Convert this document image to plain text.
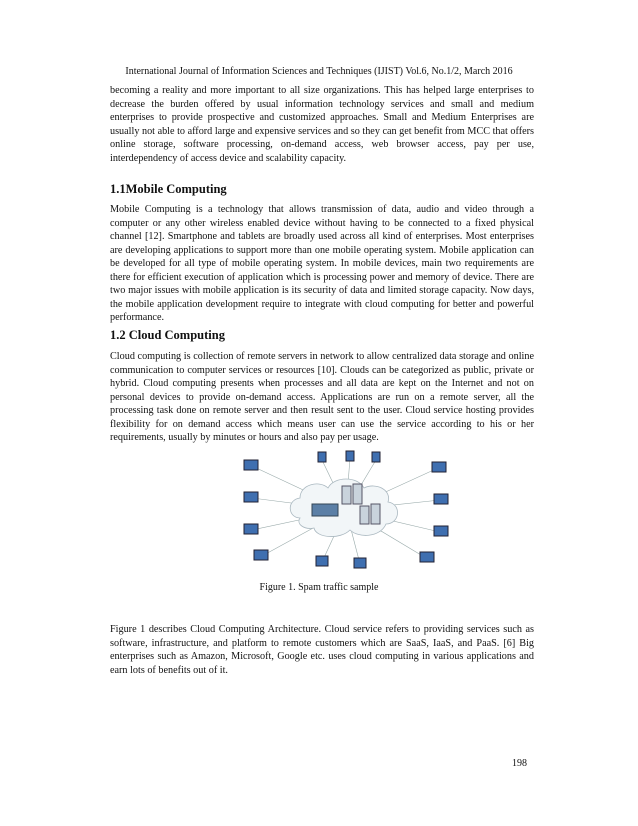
International Journal of Information Sciences and Techniques (IJIST) Vol.6, No.1/2, March 2016

becoming a reality and more important to all size organizations. This has helped large enterprises to decrease the burden offered by usual information technology services and small and medium enterprises to provide prospective and customized approaches. Small and Medium Enterprises are usually not able to afford large and expensive services and so they can get benefit from MCC that offers online storage, software processing, on-demand access, web browser access, pay per use, interdependency of access device and scalability capacity.

1.1Mobile Computing

Mobile Computing is a technology that allows transmission of data, audio and video through a computer or any other wireless enabled device without having to be connected to a fixed physical channel [12]. Smartphone and tablets are broadly used across all kind of enterprises. Most enterprises are developing applications to support more than one mobile operating system. Mobile application can be developed for all type of mobile operating system. In mobile devices, main two requirements are there for efficient execution of application which is processing power and memory of device. There are two major issues with mobile application is its security of data and limited storage capacity. Now days, the mobile application development require to integrate with cloud computing for better and powerful performance.

1.2 Cloud Computing

Cloud computing is collection of remote servers in network to allow centralized data storage and online communication to computer services or resources [10]. Clouds can be categorized as public, private or hybrid. Cloud computing presents when processes and all data are kept on the Internet and not on personal devices to provide on-demand access. Applications are run on a remote server, all the processing task done on remote server and then result sent to the user. Cloud service hosting provides flexibility for on demand access which means user can use the service according to his or her requirements, usually by minutes or hours and also pay per usage.

Figure 1. Spam traffic sample

Figure 1 describes Cloud Computing Architecture. Cloud service refers to providing services such as software, infrastructure, and platform to remote customers which are SaaS, IaaS, and PaaS. [6] Big enterprises such as Amazon, Microsoft, Google etc. uses cloud computing in various applications and earn lots of benefits out of it.

198
